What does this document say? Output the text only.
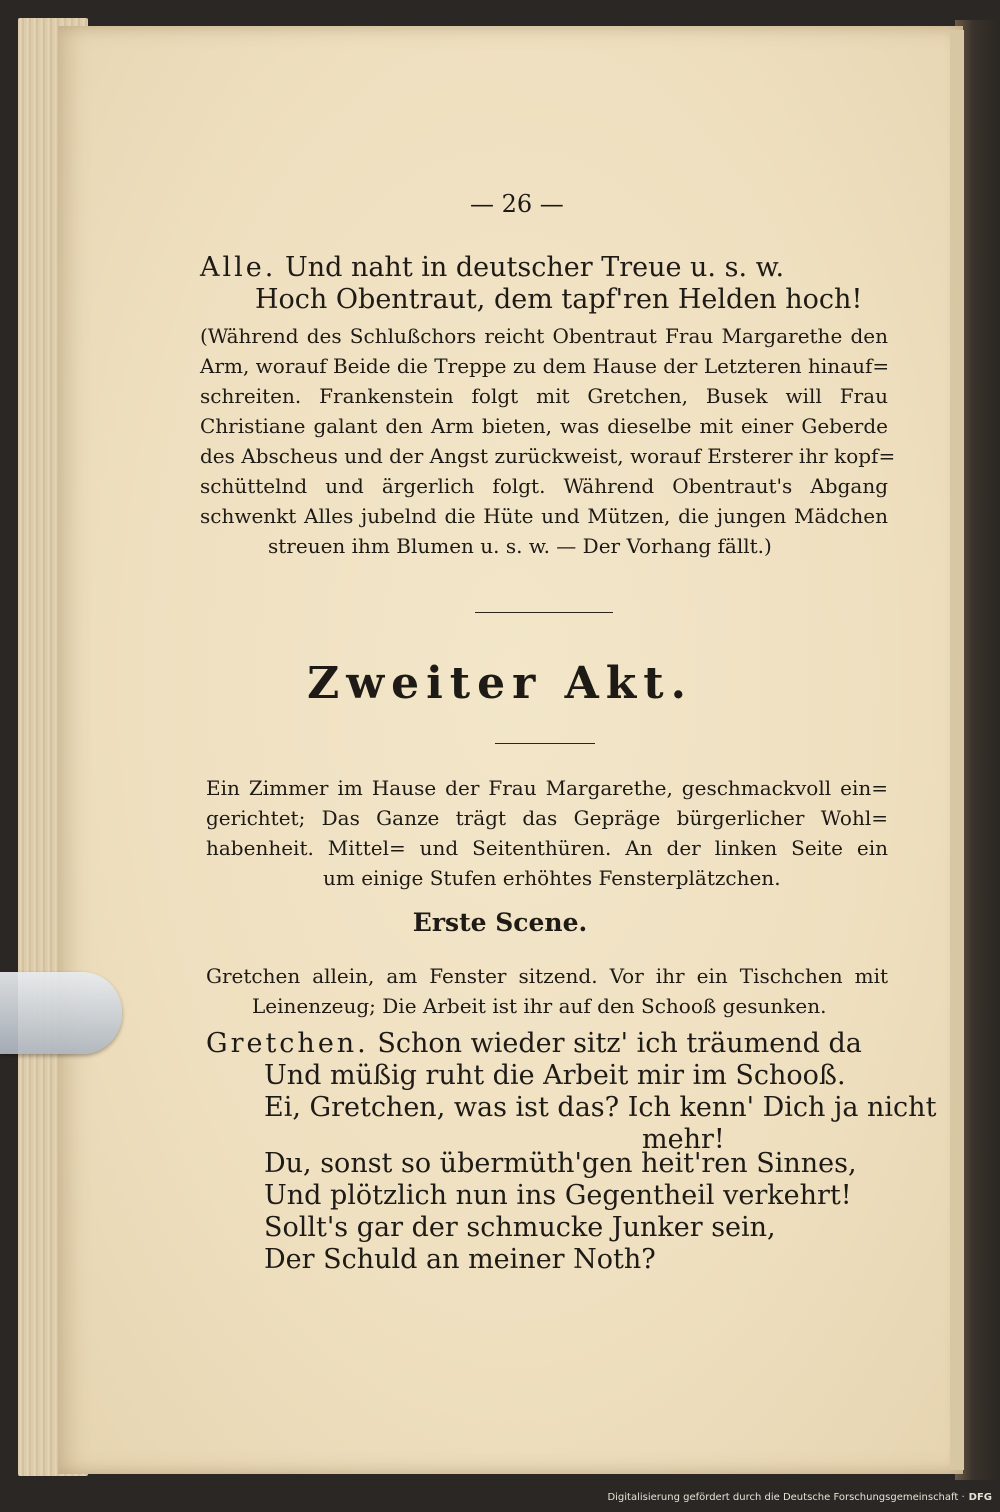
— 26 —
Alle. Und naht in deutscher Treue u. s. w.
Hoch Obentraut, dem tapf'ren Helden hoch!
(Während des Schlußchors reicht Obentraut Frau Margarethe den
Arm, worauf Beide die Treppe zu dem Hause der Letzteren hinauf=
schreiten. Frankenstein folgt mit Gretchen, Busek will Frau
Christiane galant den Arm bieten, was dieselbe mit einer Geberde
des Abscheus und der Angst zurückweist, worauf Ersterer ihr kopf=
schüttelnd und ärgerlich folgt. Während Obentraut's Abgang
schwenkt Alles jubelnd die Hüte und Mützen, die jungen Mädchen
streuen ihm Blumen u. s. w. — Der Vorhang fällt.)
Zweiter Akt.
Ein Zimmer im Hause der Frau Margarethe, geschmackvoll ein=
gerichtet; Das Ganze trägt das Gepräge bürgerlicher Wohl=
habenheit. Mittel= und Seitenthüren. An der linken Seite ein
um einige Stufen erhöhtes Fensterplätzchen.
Erste Scene.
Gretchen allein, am Fenster sitzend. Vor ihr ein Tischchen mit
Leinenzeug; Die Arbeit ist ihr auf den Schooß gesunken.
Gretchen. Schon wieder sitz' ich träumend da
Und müßig ruht die Arbeit mir im Schooß.
Ei, Gretchen, was ist das? Ich kenn' Dich ja nicht
mehr!
Du, sonst so übermüth'gen heit'ren Sinnes,
Und plötzlich nun ins Gegentheil verkehrt!
Sollt's gar der schmucke Junker sein,
Der Schuld an meiner Noth?
Digitalisierung gefördert durch die Deutsche Forschungsgemeinschaft · DFG
